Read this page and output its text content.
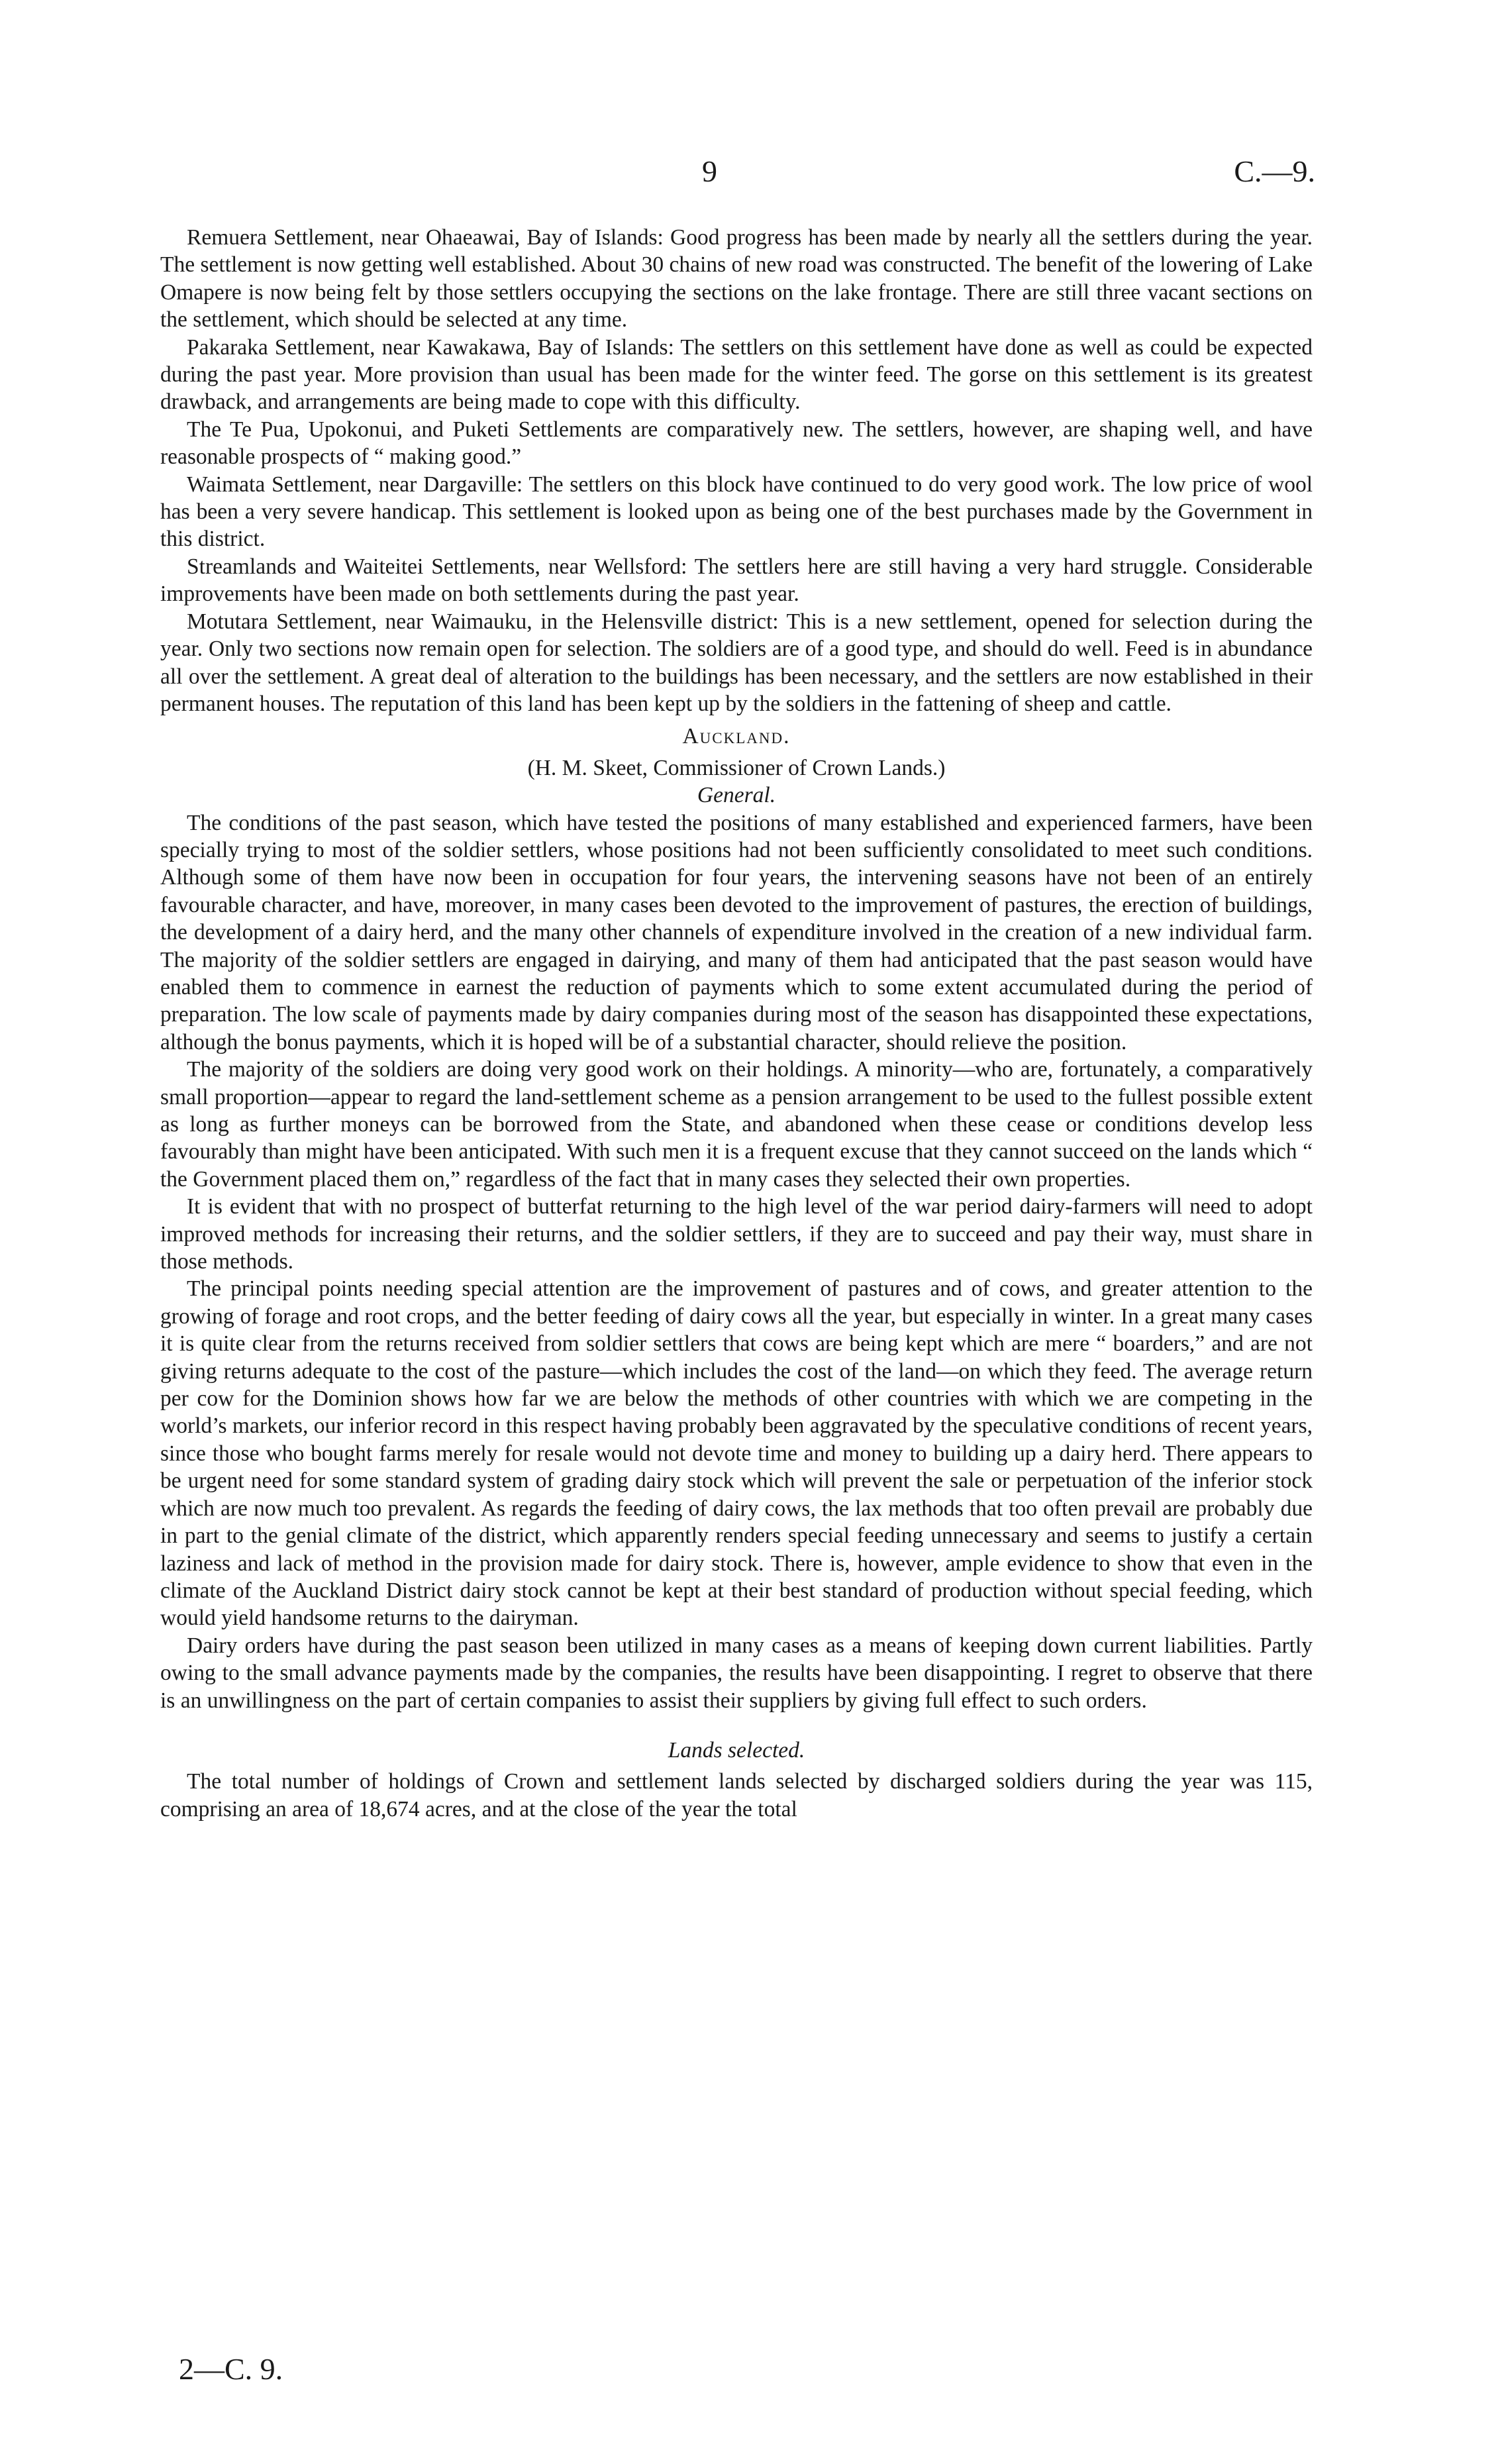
9	C.—9.

Remuera Settlement, near Ohaeawai, Bay of Islands: Good progress has been made by nearly all the settlers during the year. The settlement is now getting well established. About 30 chains of new road was constructed. The benefit of the lowering of Lake Omapere is now being felt by those settlers occupying the sections on the lake frontage. There are still three vacant sections on the settlement, which should be selected at any time.

Pakaraka Settlement, near Kawakawa, Bay of Islands: The settlers on this settlement have done as well as could be expected during the past year. More provision than usual has been made for the winter feed. The gorse on this settlement is its greatest drawback, and arrangements are being made to cope with this difficulty.

The Te Pua, Upokonui, and Puketi Settlements are comparatively new. The settlers, however, are shaping well, and have reasonable prospects of “ making good.”

Waimata Settlement, near Dargaville: The settlers on this block have continued to do very good work. The low price of wool has been a very severe handicap. This settlement is looked upon as being one of the best purchases made by the Government in this district.

Streamlands and Waiteitei Settlements, near Wellsford: The settlers here are still having a very hard struggle. Considerable improvements have been made on both settlements during the past year.

Motutara Settlement, near Waimauku, in the Helensville district: This is a new settlement, opened for selection during the year. Only two sections now remain open for selection. The soldiers are of a good type, and should do well. Feed is in abundance all over the settlement. A great deal of alteration to the buildings has been necessary, and the settlers are now established in their permanent houses. The reputation of this land has been kept up by the soldiers in the fattening of sheep and cattle.

Auckland.
(H. M. Skeet, Commissioner of Crown Lands.)
General.

The conditions of the past season, which have tested the positions of many established and experienced farmers, have been specially trying to most of the soldier settlers, whose positions had not been sufficiently consolidated to meet such conditions. Although some of them have now been in occupation for four years, the intervening seasons have not been of an entirely favourable character, and have, moreover, in many cases been devoted to the improvement of pastures, the erection of buildings, the development of a dairy herd, and the many other channels of expenditure involved in the creation of a new individual farm. The majority of the soldier settlers are engaged in dairying, and many of them had anticipated that the past season would have enabled them to commence in earnest the reduction of payments which to some extent accumulated during the period of preparation. The low scale of payments made by dairy companies during most of the season has disappointed these expectations, although the bonus payments, which it is hoped will be of a substantial character, should relieve the position.

The majority of the soldiers are doing very good work on their holdings. A minority—who are, fortunately, a comparatively small proportion—appear to regard the land-settlement scheme as a pension arrangement to be used to the fullest possible extent as long as further moneys can be borrowed from the State, and abandoned when these cease or conditions develop less favourably than might have been anticipated. With such men it is a frequent excuse that they cannot succeed on the lands which “ the Government placed them on,” regardless of the fact that in many cases they selected their own properties.

It is evident that with no prospect of butterfat returning to the high level of the war period dairy-farmers will need to adopt improved methods for increasing their returns, and the soldier settlers, if they are to succeed and pay their way, must share in those methods.

The principal points needing special attention are the improvement of pastures and of cows, and greater attention to the growing of forage and root crops, and the better feeding of dairy cows all the year, but especially in winter. In a great many cases it is quite clear from the returns received from soldier settlers that cows are being kept which are mere “ boarders,” and are not giving returns adequate to the cost of the pasture—which includes the cost of the land—on which they feed. The average return per cow for the Dominion shows how far we are below the methods of other countries with which we are competing in the world’s markets, our inferior record in this respect having probably been aggravated by the speculative conditions of recent years, since those who bought farms merely for resale would not devote time and money to building up a dairy herd. There appears to be urgent need for some standard system of grading dairy stock which will prevent the sale or perpetuation of the inferior stock which are now much too prevalent. As regards the feeding of dairy cows, the lax methods that too often prevail are probably due in part to the genial climate of the district, which apparently renders special feeding unnecessary and seems to justify a certain laziness and lack of method in the provision made for dairy stock. There is, however, ample evidence to show that even in the climate of the Auckland District dairy stock cannot be kept at their best standard of production without special feeding, which would yield handsome returns to the dairyman.

Dairy orders have during the past season been utilized in many cases as a means of keeping down current liabilities. Partly owing to the small advance payments made by the companies, the results have been disappointing. I regret to observe that there is an unwillingness on the part of certain companies to assist their suppliers by giving full effect to such orders.

Lands selected.

The total number of holdings of Crown and settlement lands selected by discharged soldiers during the year was 115, comprising an area of 18,674 acres, and at the close of the year the total

2—C. 9.
